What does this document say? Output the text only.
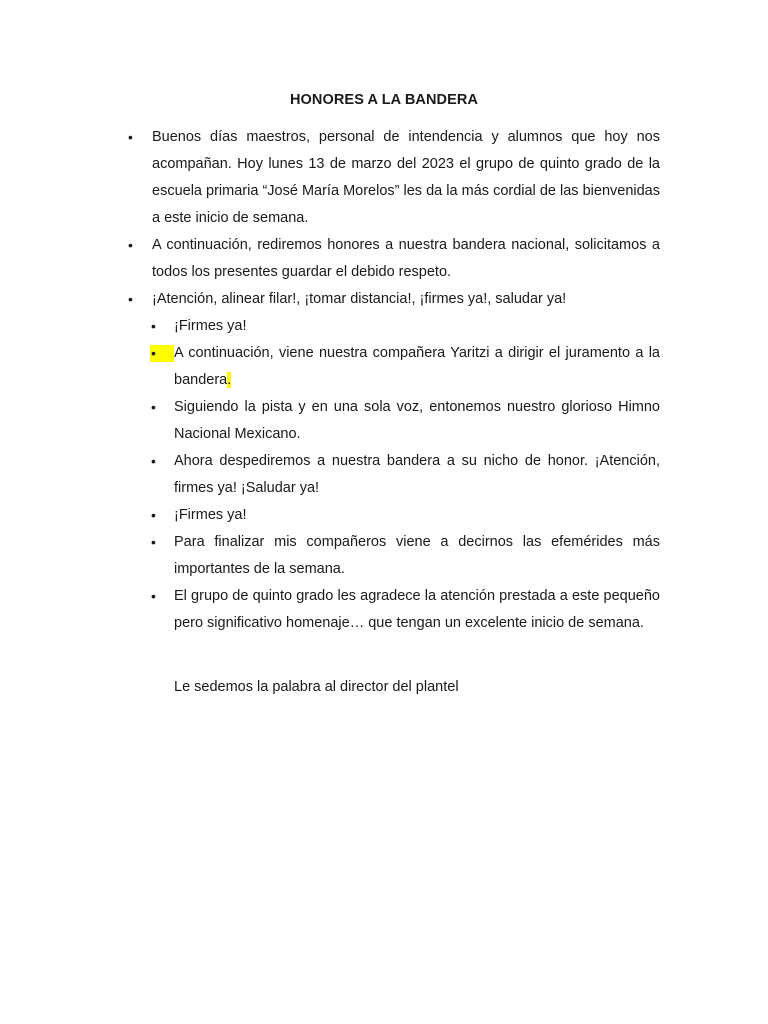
HONORES A LA BANDERA
• Buenos días maestros, personal de intendencia y alumnos que hoy nos acompañan. Hoy lunes 13 de marzo del 2023 el grupo de quinto grado de la escuela primaria “José María Morelos” les da la más cordial de las bienvenidas a este inicio de semana.
• A continuación, rediremos honores a nuestra bandera nacional, solicitamos a todos los presentes guardar el debido respeto.
• ¡Atención, alinear filar!, ¡tomar distancia!, ¡firmes ya!, saludar ya!
• ¡Firmes ya!
•	A continuación, viene nuestra compañera Yaritzi a dirigir el juramento a la bandera.
• Siguiendo la pista y en una sola voz, entonemos nuestro glorioso Himno Nacional Mexicano.
• Ahora despediremos a nuestra bandera a su nicho de honor. ¡Atención, firmes ya! ¡Saludar ya!
• ¡Firmes ya!
• Para finalizar mis compañeros viene a decirnos las efemérides más importantes de la semana.
• El grupo de quinto grado les agradece la atención prestada a este pequeño pero significativo homenaje… que tengan un excelente inicio de semana.
Le sedemos la palabra al director del plantel
